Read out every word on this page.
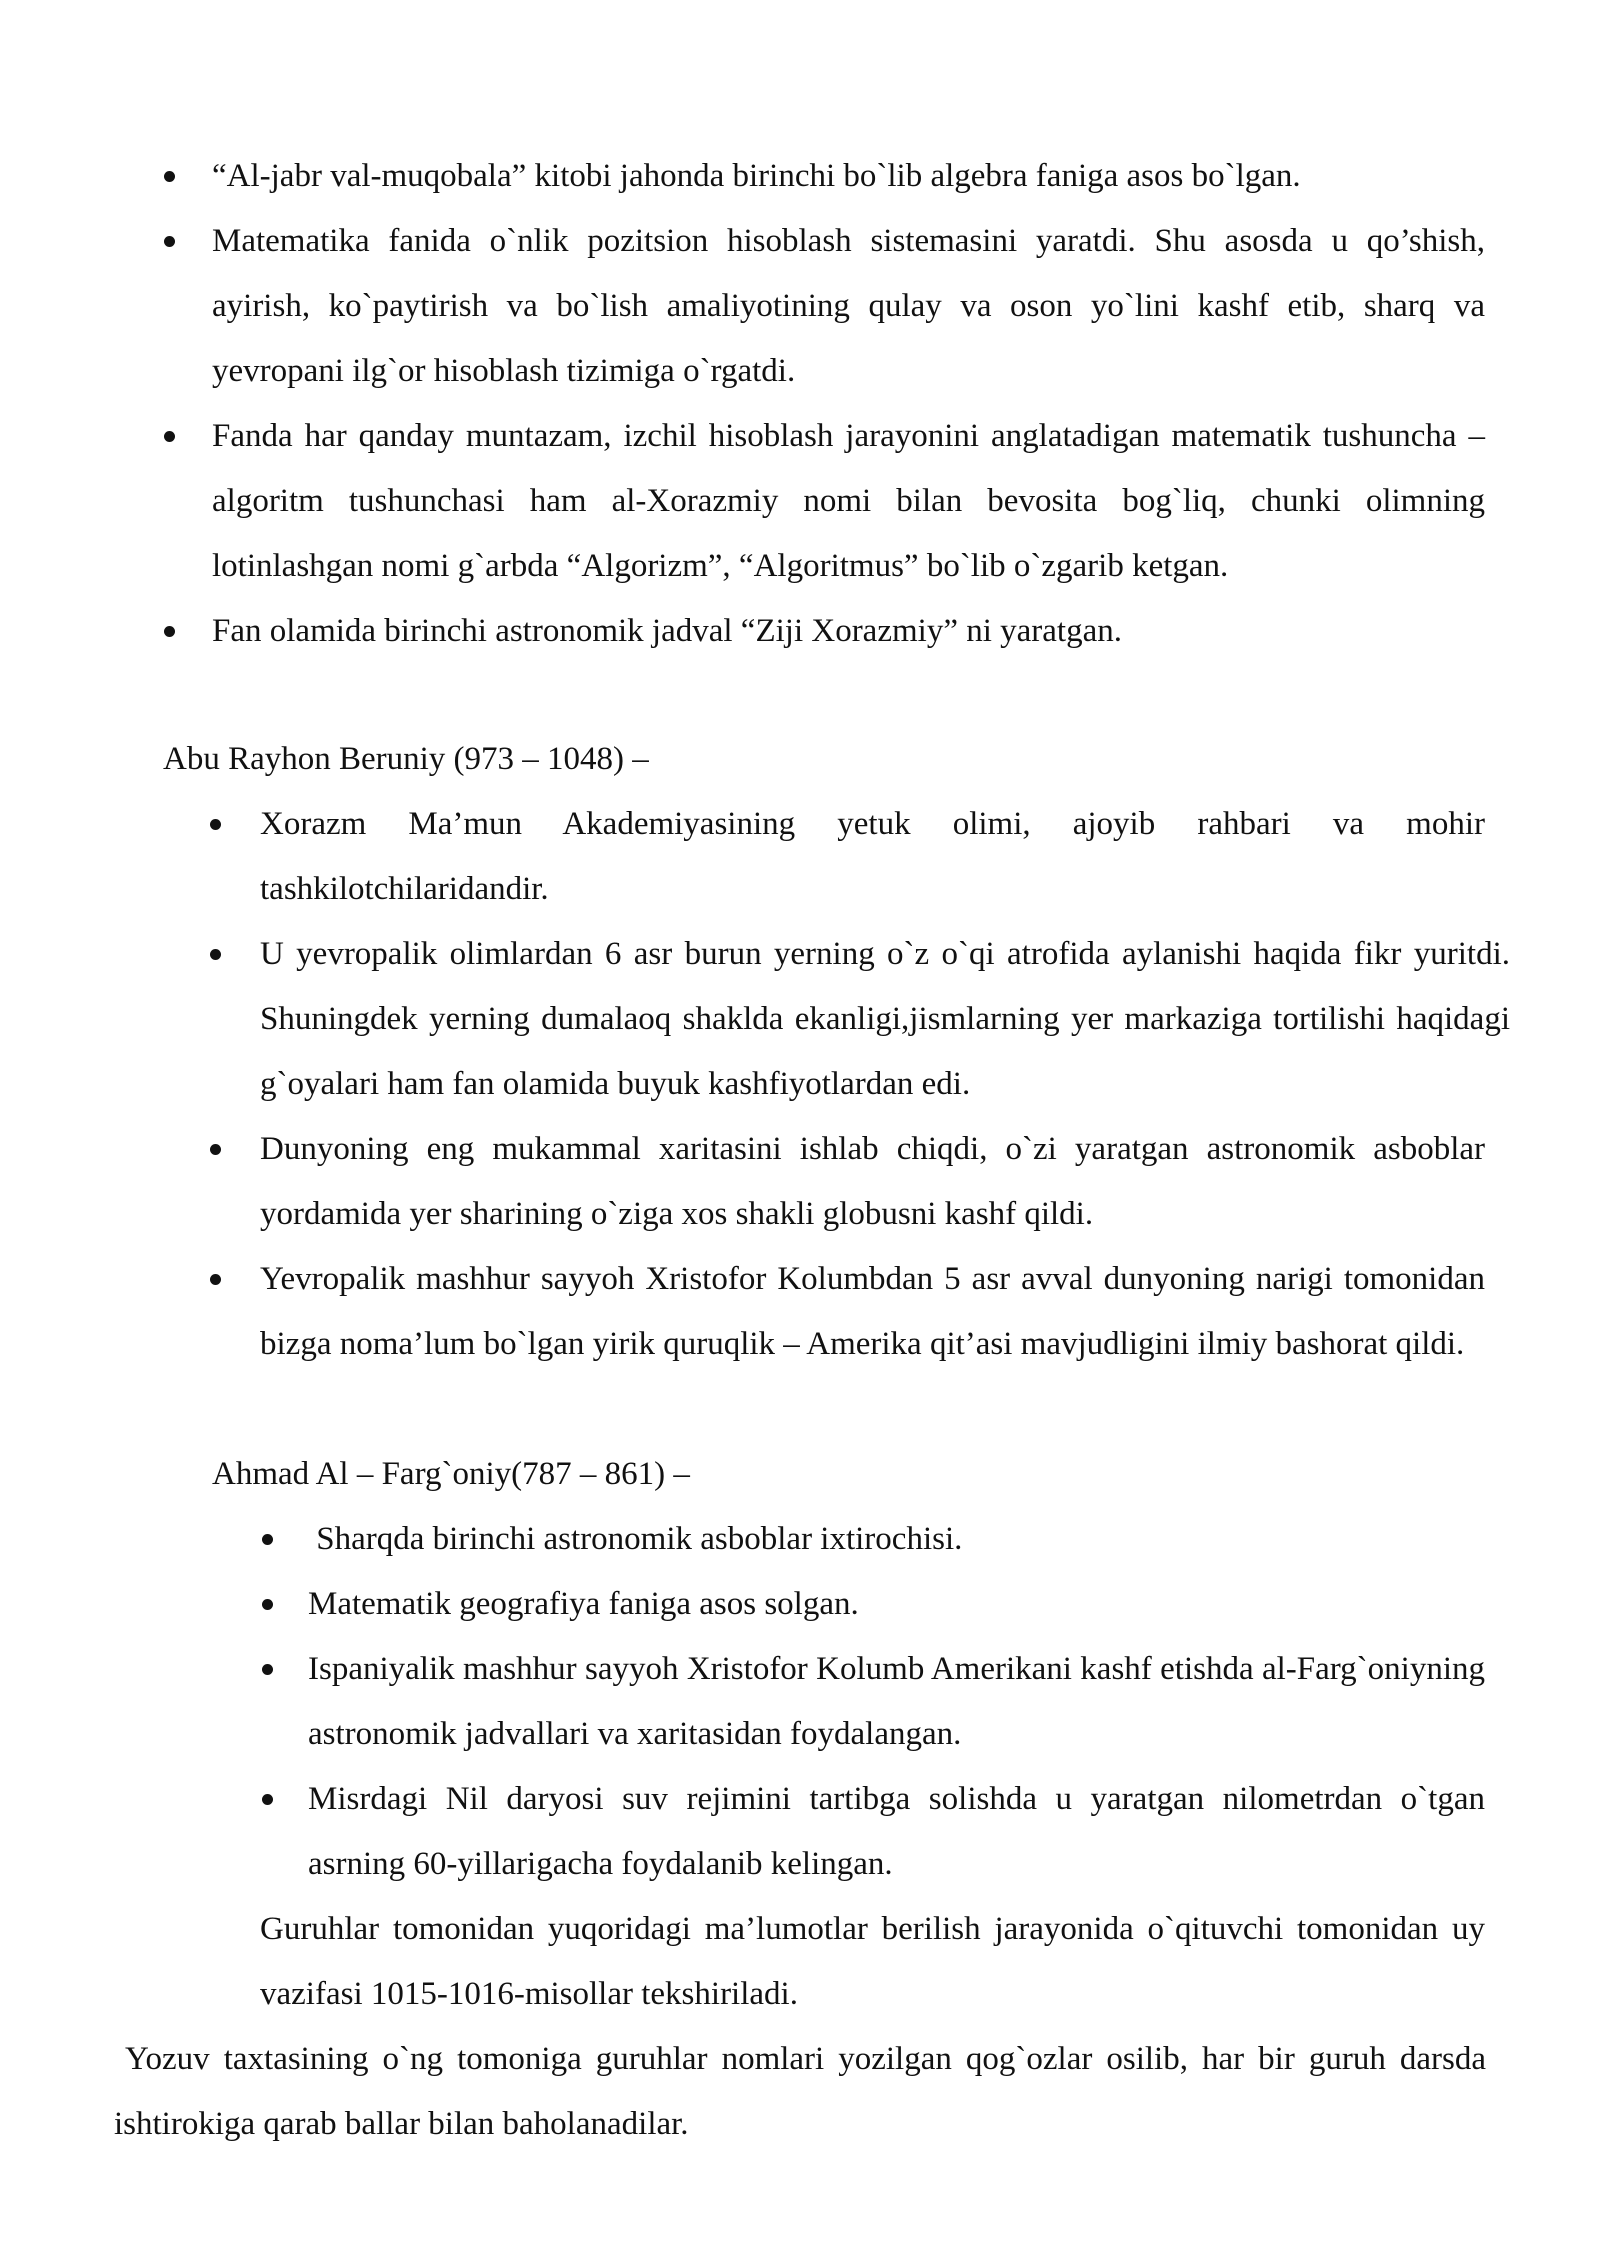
“Al-jabr val-muqobala” kitobi jahonda birinchi bo`lib algebra faniga asos bo`lgan.
Matematika fanida o`nlik pozitsion hisoblash sistemasini yaratdi. Shu asosda u qo’shish, ayirish, ko`paytirish va bo`lish amaliyotining qulay va oson yo`lini kashf etib, sharq va yevropani ilg`or hisoblash tizimiga o`rgatdi.
Fanda har qanday muntazam, izchil hisoblash jarayonini anglatadigan matematik tushuncha – algoritm tushunchasi ham al-Xorazmiy nomi bilan bevosita bog`liq, chunki olimning lotinlashgan nomi g`arbda “Algorizm”, “Algoritmus” bo`lib o`zgarib ketgan.
Fan olamida birinchi astronomik jadval “Ziji Xorazmiy” ni yaratgan.
Abu Rayhon Beruniy (973 – 1048) –
Xorazm Ma’mun Akademiyasining yetuk olimi, ajoyib rahbari va mohir tashkilotchilaridandir.
U yevropalik olimlardan 6 asr burun yerning o`z o`qi atrofida aylanishi haqida fikr yuritdi. Shuningdek yerning dumalaoq shaklda ekanligi,jismlarning yer markaziga tortilishi haqidagi g`oyalari ham fan olamida buyuk kashfiyotlardan edi.
Dunyoning eng mukammal xaritasini ishlab chiqdi, o`zi yaratgan astronomik asboblar yordamida yer sharining o`ziga xos shakli globusni kashf qildi.
Yevropalik mashhur sayyoh Xristofor Kolumbdan 5 asr avval dunyoning narigi tomonidan bizga noma’lum bo`lgan yirik quruqlik – Amerika qit’asi mavjudligini ilmiy bashorat qildi.
Ahmad Al – Farg`oniy(787 – 861) –
Sharqda birinchi astronomik asboblar ixtirochisi.
Matematik geografiya faniga asos solgan.
Ispaniyalik mashhur sayyoh Xristofor Kolumb Amerikani kashf etishda al-Farg`oniyning astronomik jadvallari va xaritasidan foydalangan.
Misrdagi Nil daryosi suv rejimini tartibga solishda u yaratgan nilometrdan o`tgan asrning 60-yillarigacha foydalanib kelingan.

Guruhlar tomonidan yuqoridagi ma’lumotlar berilish jarayonida o`qituvchi tomonidan uy vazifasi 1015-1016-misollar tekshiriladi.

Yozuv taxtasining o`ng tomoniga guruhlar nomlari yozilgan qog`ozlar osilib, har bir guruh darsda ishtirokiga qarab ballar bilan baholanadilar.
